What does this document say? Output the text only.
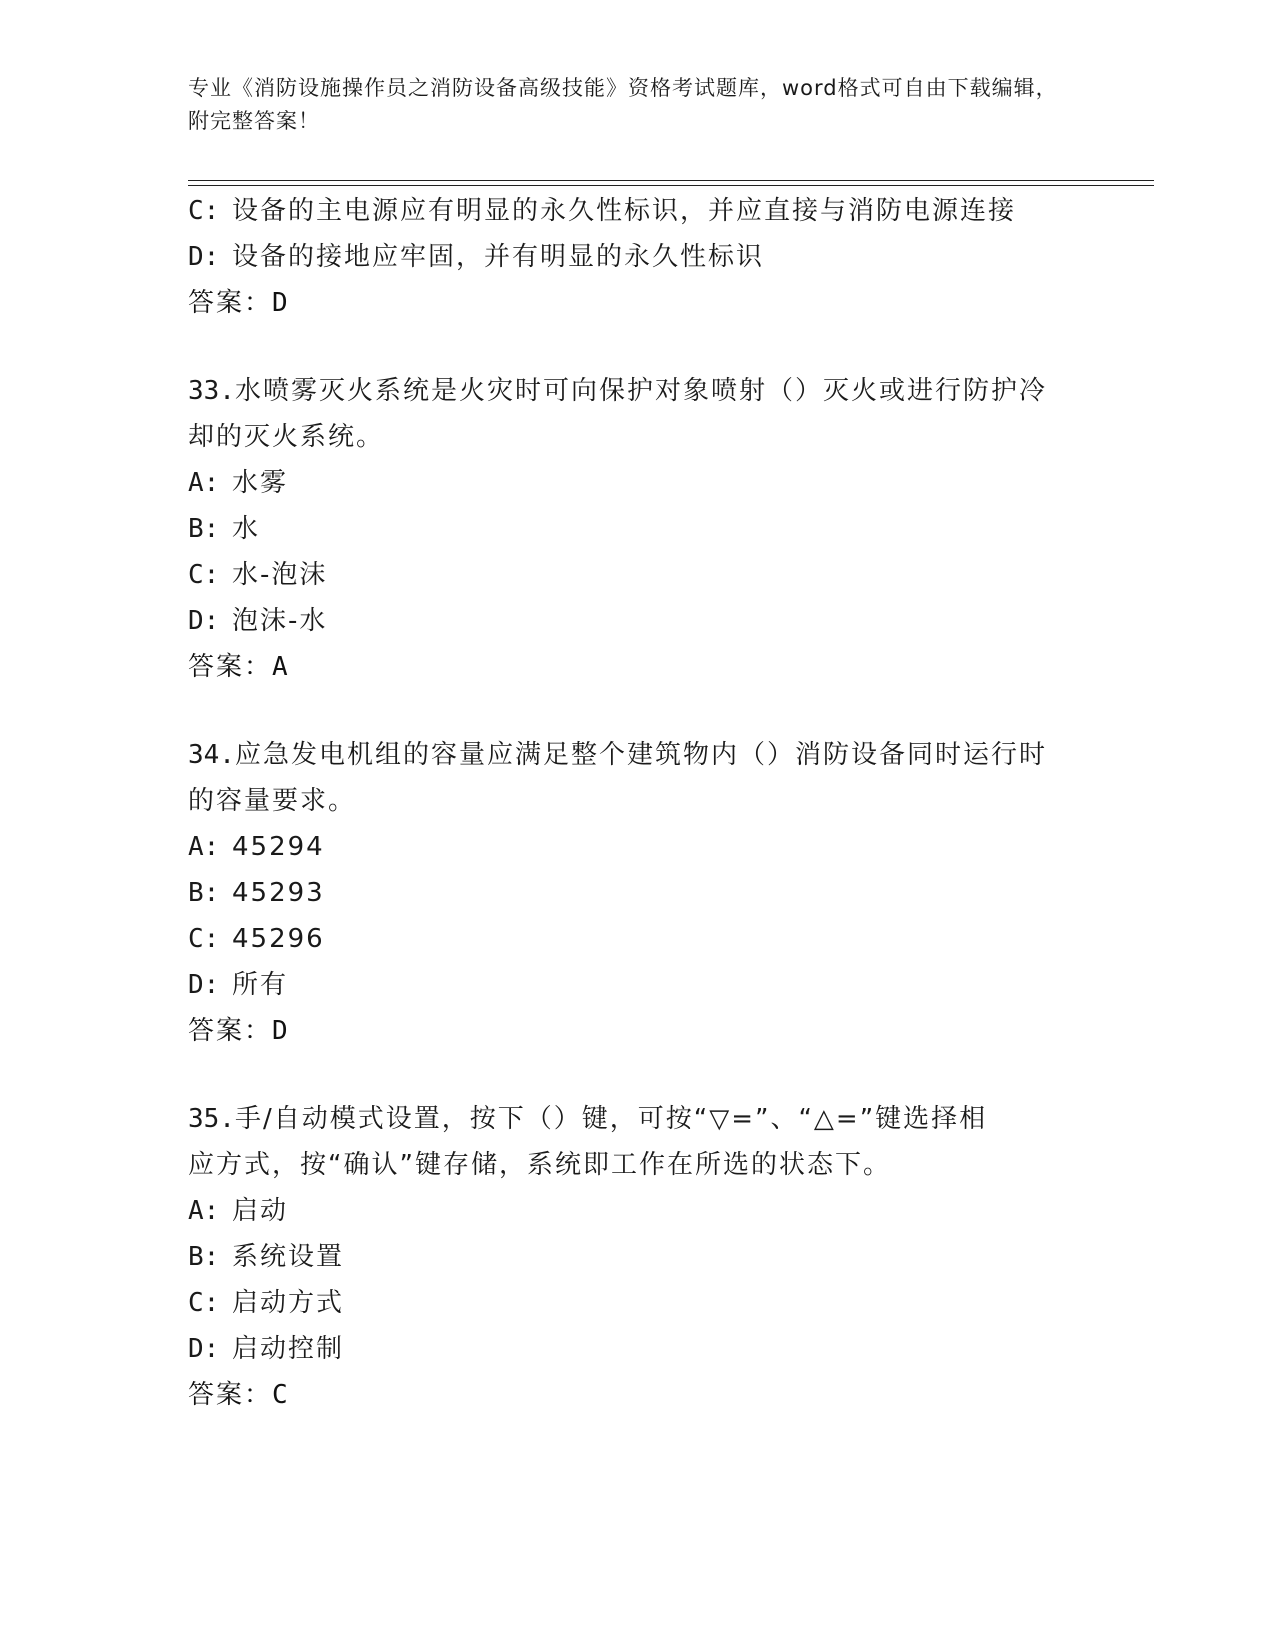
专业《消防设施操作员之消防设备高级技能》资格考试题库，word格式可自由下载编辑，附完整答案！
C: 设备的主电源应有明显的永久性标识，并应直接与消防电源连接
D: 设备的接地应牢固，并有明显的永久性标识
答案：D
33.水喷雾灭火系统是火灾时可向保护对象喷射（）灭火或进行防护冷
却的灭火系统。
A: 水雾
B: 水
C: 水-泡沫
D: 泡沫-水
答案：A
34.应急发电机组的容量应满足整个建筑物内（）消防设备同时运行时
的容量要求。
A: 45294
B: 45293
C: 45296
D: 所有
答案：D
35.手/自动模式设置，按下（）键，可按“▽=”、“△=”键选择相
应方式，按“确认”键存储，系统即工作在所选的状态下。
A: 启动
B: 系统设置
C: 启动方式
D: 启动控制
答案：C
